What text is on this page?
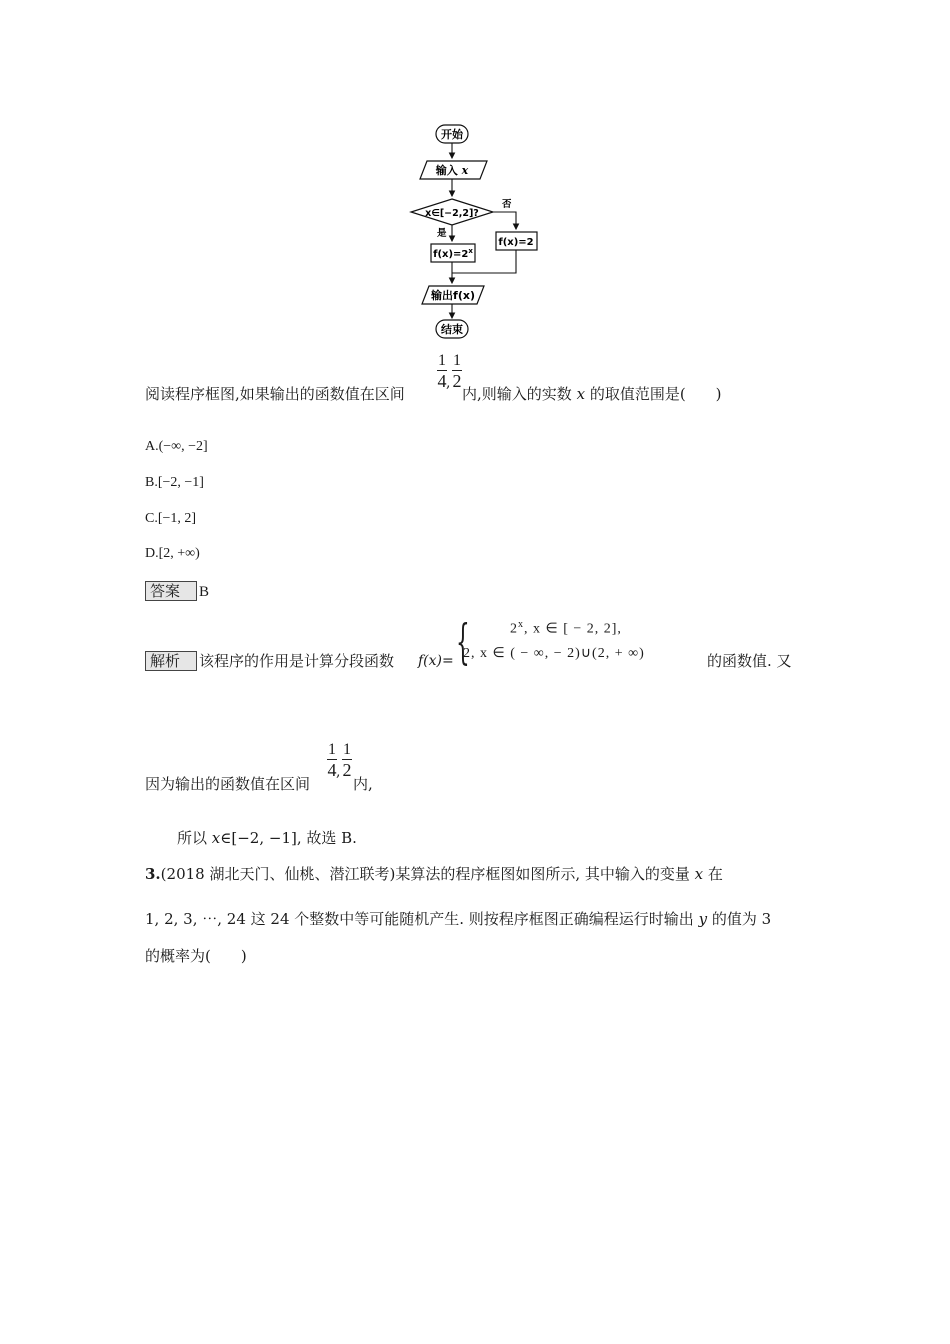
开始
输入 x
x∈[−2,2]?
否
是
$f(x)=2^x$
f(x)=2
输出f(x)
结束
1
4 ,
1
2
阅读程序框图,如果输出的函数值在区间	内,则输入的实数 x 的取值范围是(　　)
A.(−∞, −2]
B.[−2, −1]
C.[−1, 2]
D.[2, +∞)
答案 B
解析 该程序的作用是计算分段函数 f(x)= {	2$^x$, x ∈ [ − 2, 2],
2, x ∈ ( − ∞, − 2)∪(2, + ∞)	的函数值. 又
1
4 ,
1
2
因为输出的函数值在区间	内,
所以 x∈[−2, −1], 故选 B.
3.(2018 湖北天门、仙桃、潜江联考)某算法的程序框图如图所示, 其中输入的变量 x 在
1, 2, 3, ⋯, 24 这 24 个整数中等可能随机产生. 则按程序框图正确编程运行时输出 y 的值为 3
的概率为(　　)
